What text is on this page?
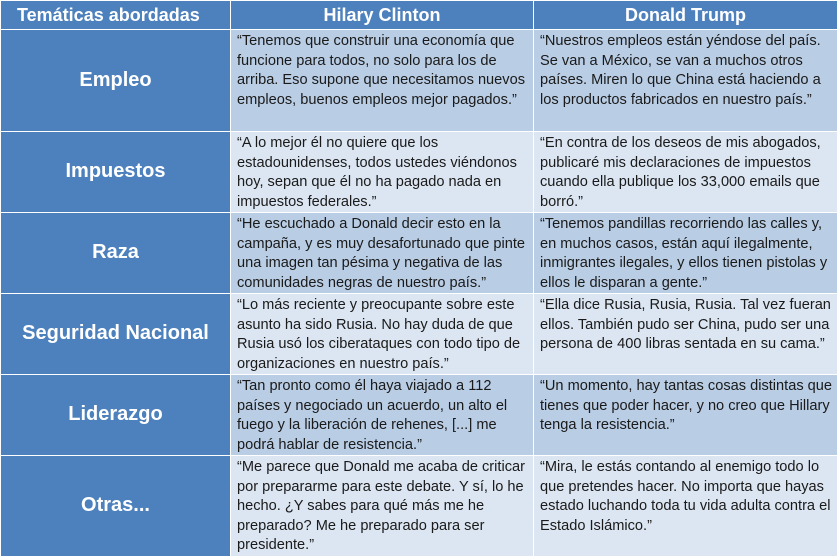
Temáticas abordadas	Hilary Clinton	Donald Trump
Empleo	“Tenemos que construir una economía que funcione para todos, no solo para los de arriba. Eso supone que necesitamos nuevos empleos, buenos empleos mejor pagados.”	“Nuestros empleos están yéndose del país. Se van a México, se van a muchos otros países. Miren lo que China está haciendo a los productos fabricados en nuestro país.”
Impuestos	“A lo mejor él no quiere que los estadounidenses, todos ustedes viéndonos hoy, sepan que él no ha pagado nada en impuestos federales.”	“En contra de los deseos de mis abogados, publicaré mis declaraciones de impuestos cuando ella publique los 33,000 emails que borró.”
Raza	“He escuchado a Donald decir esto en la campaña, y es muy desafortunado que pinte una imagen tan pésima y negativa de las comunidades negras de nuestro país.”	“Tenemos pandillas recorriendo las calles y, en muchos casos, están aquí ilegalmente, inmigrantes ilegales, y ellos tienen pistolas y ellos le disparan a gente.”
Seguridad Nacional	“Lo más reciente y preocupante sobre este asunto ha sido Rusia. No hay duda de que Rusia usó los ciberataques con todo tipo de organizaciones en nuestro país.”	“Ella dice Rusia, Rusia, Rusia. Tal vez fueran ellos. También pudo ser China, pudo ser una persona de 400 libras sentada en su cama.”
Liderazgo	“Tan pronto como él haya viajado a 112 países y negociado un acuerdo, un alto el fuego y la liberación de rehenes, [...] me podrá hablar de resistencia.”	“Un momento, hay tantas cosas distintas que tienes que poder hacer, y no creo que Hillary tenga la resistencia.”
Otras...	“Me parece que Donald me acaba de criticar por prepararme para este debate. Y sí, lo he hecho. ¿Y sabes para qué más me he preparado? Me he preparado para ser presidente.”	“Mira, le estás contando al enemigo todo lo que pretendes hacer. No importa que hayas estado luchando toda tu vida adulta contra el Estado Islámico.”
